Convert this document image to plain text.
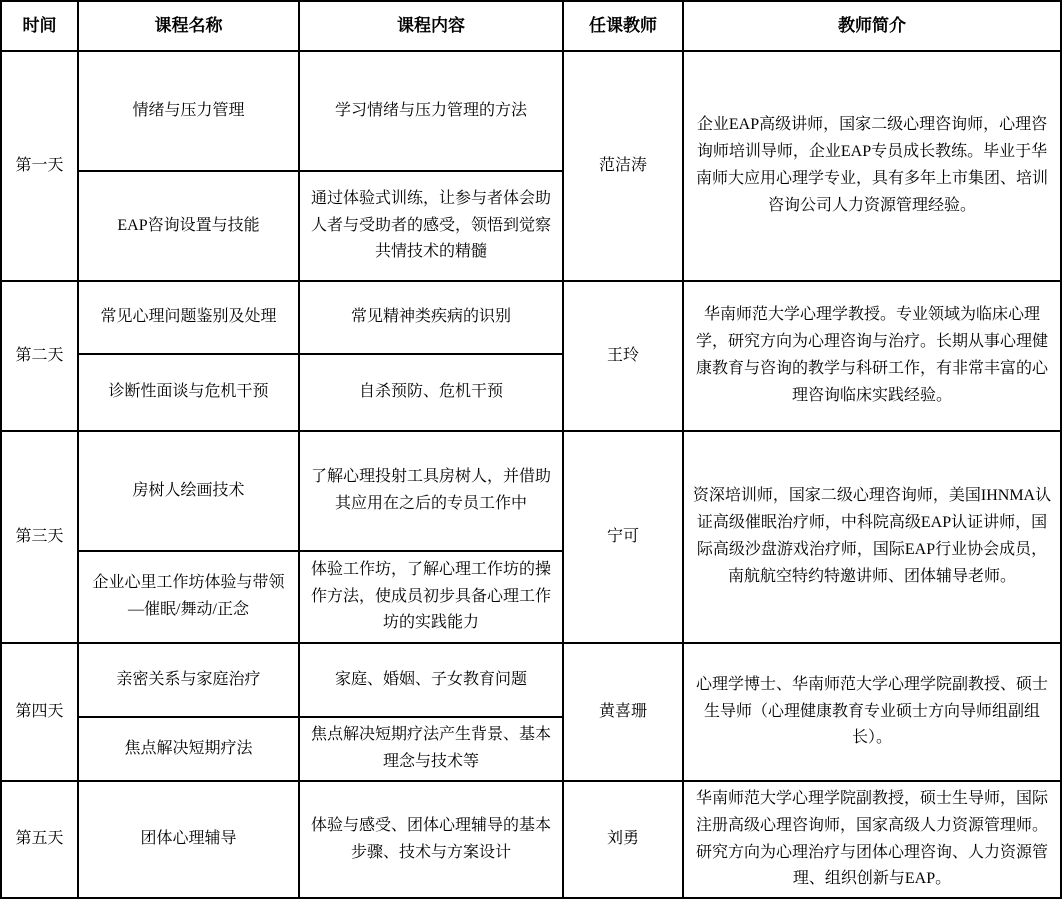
时间	课程名称	课程内容	任课教师	教师简介
第一天	情绪与压力管理	学习情绪与压力管理的方法	范洁涛	企业EAP高级讲师，国家二级心理咨询师，心理咨询师培训导师，企业EAP专员成长教练。毕业于华南师大应用心理学专业，具有多年上市集团、培训咨询公司人力资源管理经验。
	EAP咨询设置与技能	通过体验式训练，让参与者体会助人者与受助者的感受，领悟到觉察共情技术的精髓		
第二天	常见心理问题鉴别及处理	常见精神类疾病的识别	王玲	华南师范大学心理学教授。专业领域为临床心理学，研究方向为心理咨询与治疗。长期从事心理健康教育与咨询的教学与科研工作，有非常丰富的心理咨询临床实践经验。
	诊断性面谈与危机干预	自杀预防、危机干预		
第三天	房树人绘画技术	了解心理投射工具房树人，并借助其应用在之后的专员工作中	宁可	资深培训师，国家二级心理咨询师，美国IHNMA认证高级催眠治疗师，中科院高级EAP认证讲师，国际高级沙盘游戏治疗师，国际EAP行业协会成员，南航航空特约特邀讲师、团体辅导老师。
	企业心里工作坊体验与带领—催眠/舞动/正念	体验工作坊，了解心理工作坊的操作方法，使成员初步具备心理工作坊的实践能力		
第四天	亲密关系与家庭治疗	家庭、婚姻、子女教育问题	黄喜珊	心理学博士、华南师范大学心理学院副教授、硕士生导师（心理健康教育专业硕士方向导师组副组长）。
	焦点解决短期疗法	焦点解决短期疗法产生背景、基本理念与技术等		
第五天	团体心理辅导	体验与感受、团体心理辅导的基本步骤、技术与方案设计	刘勇	华南师范大学心理学院副教授，硕士生导师，国际注册高级心理咨询师，国家高级人力资源管理师。研究方向为心理治疗与团体心理咨询、人力资源管理、组织创新与EAP。
